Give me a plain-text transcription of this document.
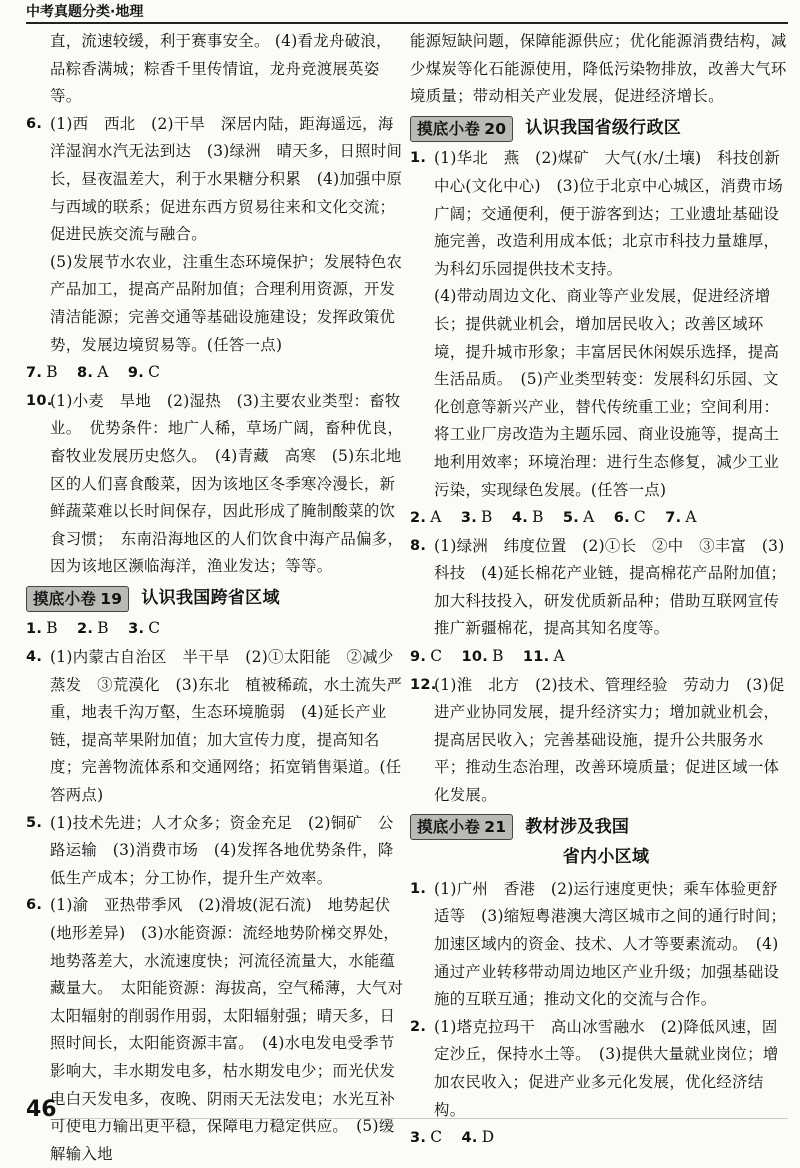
中考真题分类·地理

直，流速较缓，利于赛事安全。 (4)看龙舟破浪，品粽香满城；粽香千里传情谊，龙舟竞渡展英姿等。

6. (1)西　西北　(2)干旱　深居内陆，距海遥远，海洋湿润水汽无法到达　(3)绿洲　晴天多，日照时间长，昼夜温差大，利于水果糖分积累　(4)加强中原与西域的联系；促进东西方贸易往来和文化交流；促进民族交流与融合。

(5)发展节水农业，注重生态环境保护；发展特色农产品加工，提高产品附加值；合理利用资源，开发清洁能源；完善交通等基础设施建设；发挥政策优势，发展边境贸易等。(任答一点)

7. B 8. A 9. C

10.

(1)小麦　旱地　(2)湿热　(3)主要农业类型：畜牧业。　优势条件：地广人稀，草场广阔，畜种优良，畜牧业发展历史悠久。　(4)青藏　高寒　(5)东北地区的人们喜食酸菜，因为该地区冬季寒冷漫长，新鲜蔬菜难以长时间保存，因此形成了腌制酸菜的饮食习惯；　东南沿海地区的人们饮食中海产品偏多，因为该地区濒临海洋，渔业发达；等等。

摸底小卷 19	认识我国跨省区域

1. B 2. B 3. C

4. (1)内蒙古自治区　半干旱　(2)①太阳能　②减少蒸发　③荒漠化　(3)东北　植被稀疏，水土流失严重，地表千沟万壑，生态环境脆弱　(4)延长产业链，提高苹果附加值；加大宣传力度，提高知名度；完善物流体系和交通网络；拓宽销售渠道。(任答两点)

5. (1)技术先进；人才众多；资金充足　(2)铜矿　公路运输　(3)消费市场　(4)发挥各地优势条件，降低生产成本；分工协作，提升生产效率。

6. (1)渝　亚热带季风　(2)滑坡(泥石流)　地势起伏(地形差异)　(3)水能资源：流经地势阶梯交界处，地势落差大，水流速度快；河流径流量大，水能蕴藏量大。　太阳能资源：海拔高，空气稀薄，大气对太阳辐射的削弱作用弱，太阳辐射强；晴天多，日照时间长，太阳能资源丰富。　(4)水电发电受季节影响大，丰水期发电多，枯水期发电少；而光伏发电白天发电多，夜晚、阴雨天无法发电；水光互补可使电力输出更平稳，保障电力稳定供应。　(5)缓解输入地

能源短缺问题，保障能源供应；优化能源消费结构，减少煤炭等化石能源使用，降低污染物排放，改善大气环境质量；带动相关产业发展，促进经济增长。

摸底小卷 20	认识我国省级行政区
1. (1)华北　燕　(2)煤矿　大气(水/土壤)　科技创新中心(文化中心)　(3)位于北京中心城区，消费市场广阔；交通便利，便于游客到达；工业遗址基础设施完善，改造利用成本低；北京市科技力量雄厚，为科幻乐园提供技术支持。

(4)带动周边文化、商业等产业发展，促进经济增长；提供就业机会，增加居民收入；改善区域环境，提升城市形象；丰富居民休闲娱乐选择，提高生活品质。　(5)产业类型转变：发展科幻乐园、文化创意等新兴产业，替代传统重工业；空间利用：将工业厂房改造为主题乐园、商业设施等，提高土地利用效率；环境治理：进行生态修复，减少工业污染，实现绿色发展。(任答一点)

2. A 3. B 4. B 5. A 6. C 7. A

8. (1)绿洲　纬度位置　(2)①长　②中　③丰富　(3)科技　(4)延长棉花产业链，提高棉花产品附加值；加大科技投入，研发优质新品种；借助互联网宣传推广新疆棉花，提高其知名度等。

9. C 10. B 11. A

12.

(1)淮　北方　(2)技术、管理经验　劳动力　(3)促进产业协同发展，提升经济实力；增加就业机会，提高居民收入；完善基础设施，提升公共服务水平；推动生态治理，改善环境质量；促进区域一体化发展。

摸底小卷 21	教材涉及我国
省内小区域
1. (1)广州　香港　(2)运行速度更快；乘车体验更舒适等　(3)缩短粤港澳大湾区城市之间的通行时间；加速区域内的资金、技术、人才等要素流动。　(4)通过产业转移带动周边地区产业升级；加强基础设施的互联互通；推动文化的交流与合作。

2. (1)塔克拉玛干　高山冰雪融水　(2)降低风速，固定沙丘，保持水土等。　(3)提供大量就业岗位；增加农民收入；促进产业多元化发展，优化经济结构。

3. C 4. D

46
